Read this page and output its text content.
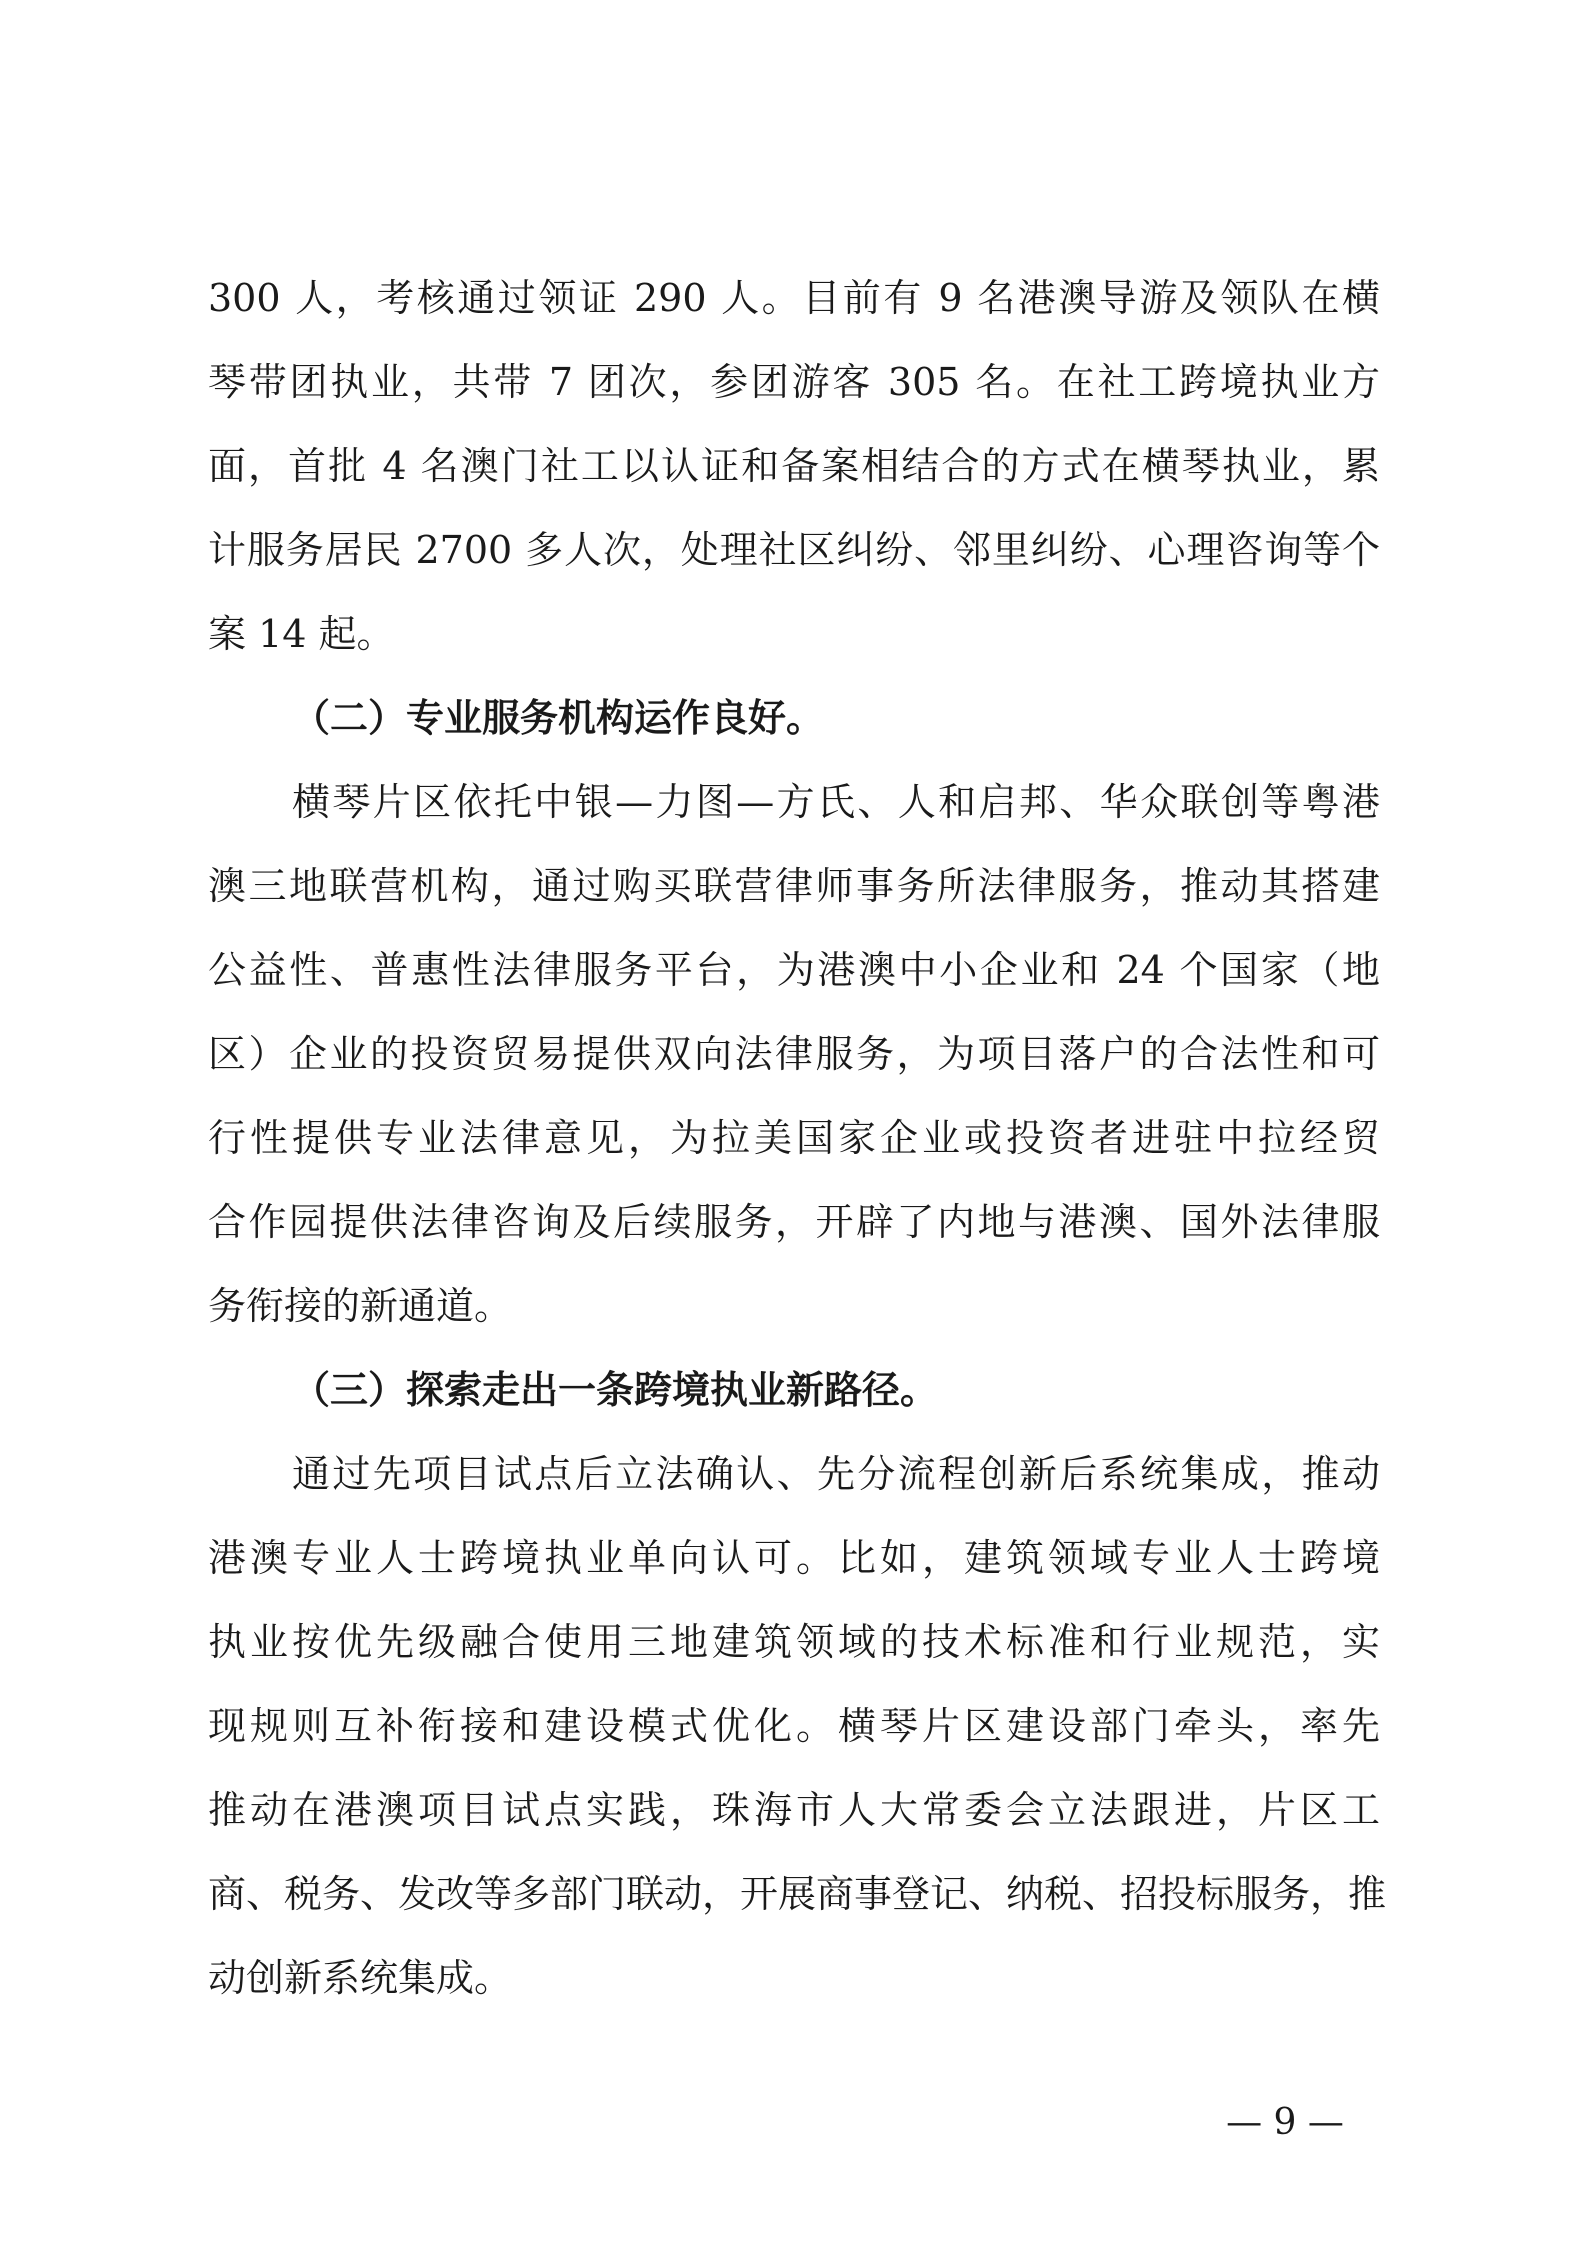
300 人，考核通过领证 290 人。目前有 9 名港澳导游及领队在横
琴带团执业，共带 7 团次，参团游客 305 名。在社工跨境执业方
面，首批 4 名澳门社工以认证和备案相结合的方式在横琴执业，累
计服务居民 2700 多人次，处理社区纠纷、邻里纠纷、心理咨询等个
案 14 起。
（二）专业服务机构运作良好。
横琴片区依托中银—力图—方氏、人和启邦、华众联创等粤港
澳三地联营机构，通过购买联营律师事务所法律服务，推动其搭建
公益性、普惠性法律服务平台，为港澳中小企业和 24 个国家（地
区）企业的投资贸易提供双向法律服务，为项目落户的合法性和可
行性提供专业法律意见，为拉美国家企业或投资者进驻中拉经贸
合作园提供法律咨询及后续服务，开辟了内地与港澳、国外法律服
务衔接的新通道。
（三）探索走出一条跨境执业新路径。
通过先项目试点后立法确认、先分流程创新后系统集成，推动
港澳专业人士跨境执业单向认可。比如，建筑领域专业人士跨境
执业按优先级融合使用三地建筑领域的技术标准和行业规范，实
现规则互补衔接和建设模式优化。横琴片区建设部门牵头，率先
推动在港澳项目试点实践，珠海市人大常委会立法跟进，片区工
商、税务、发改等多部门联动，开展商事登记、纳税、招投标服务，推
动创新系统集成。
— 9 —
